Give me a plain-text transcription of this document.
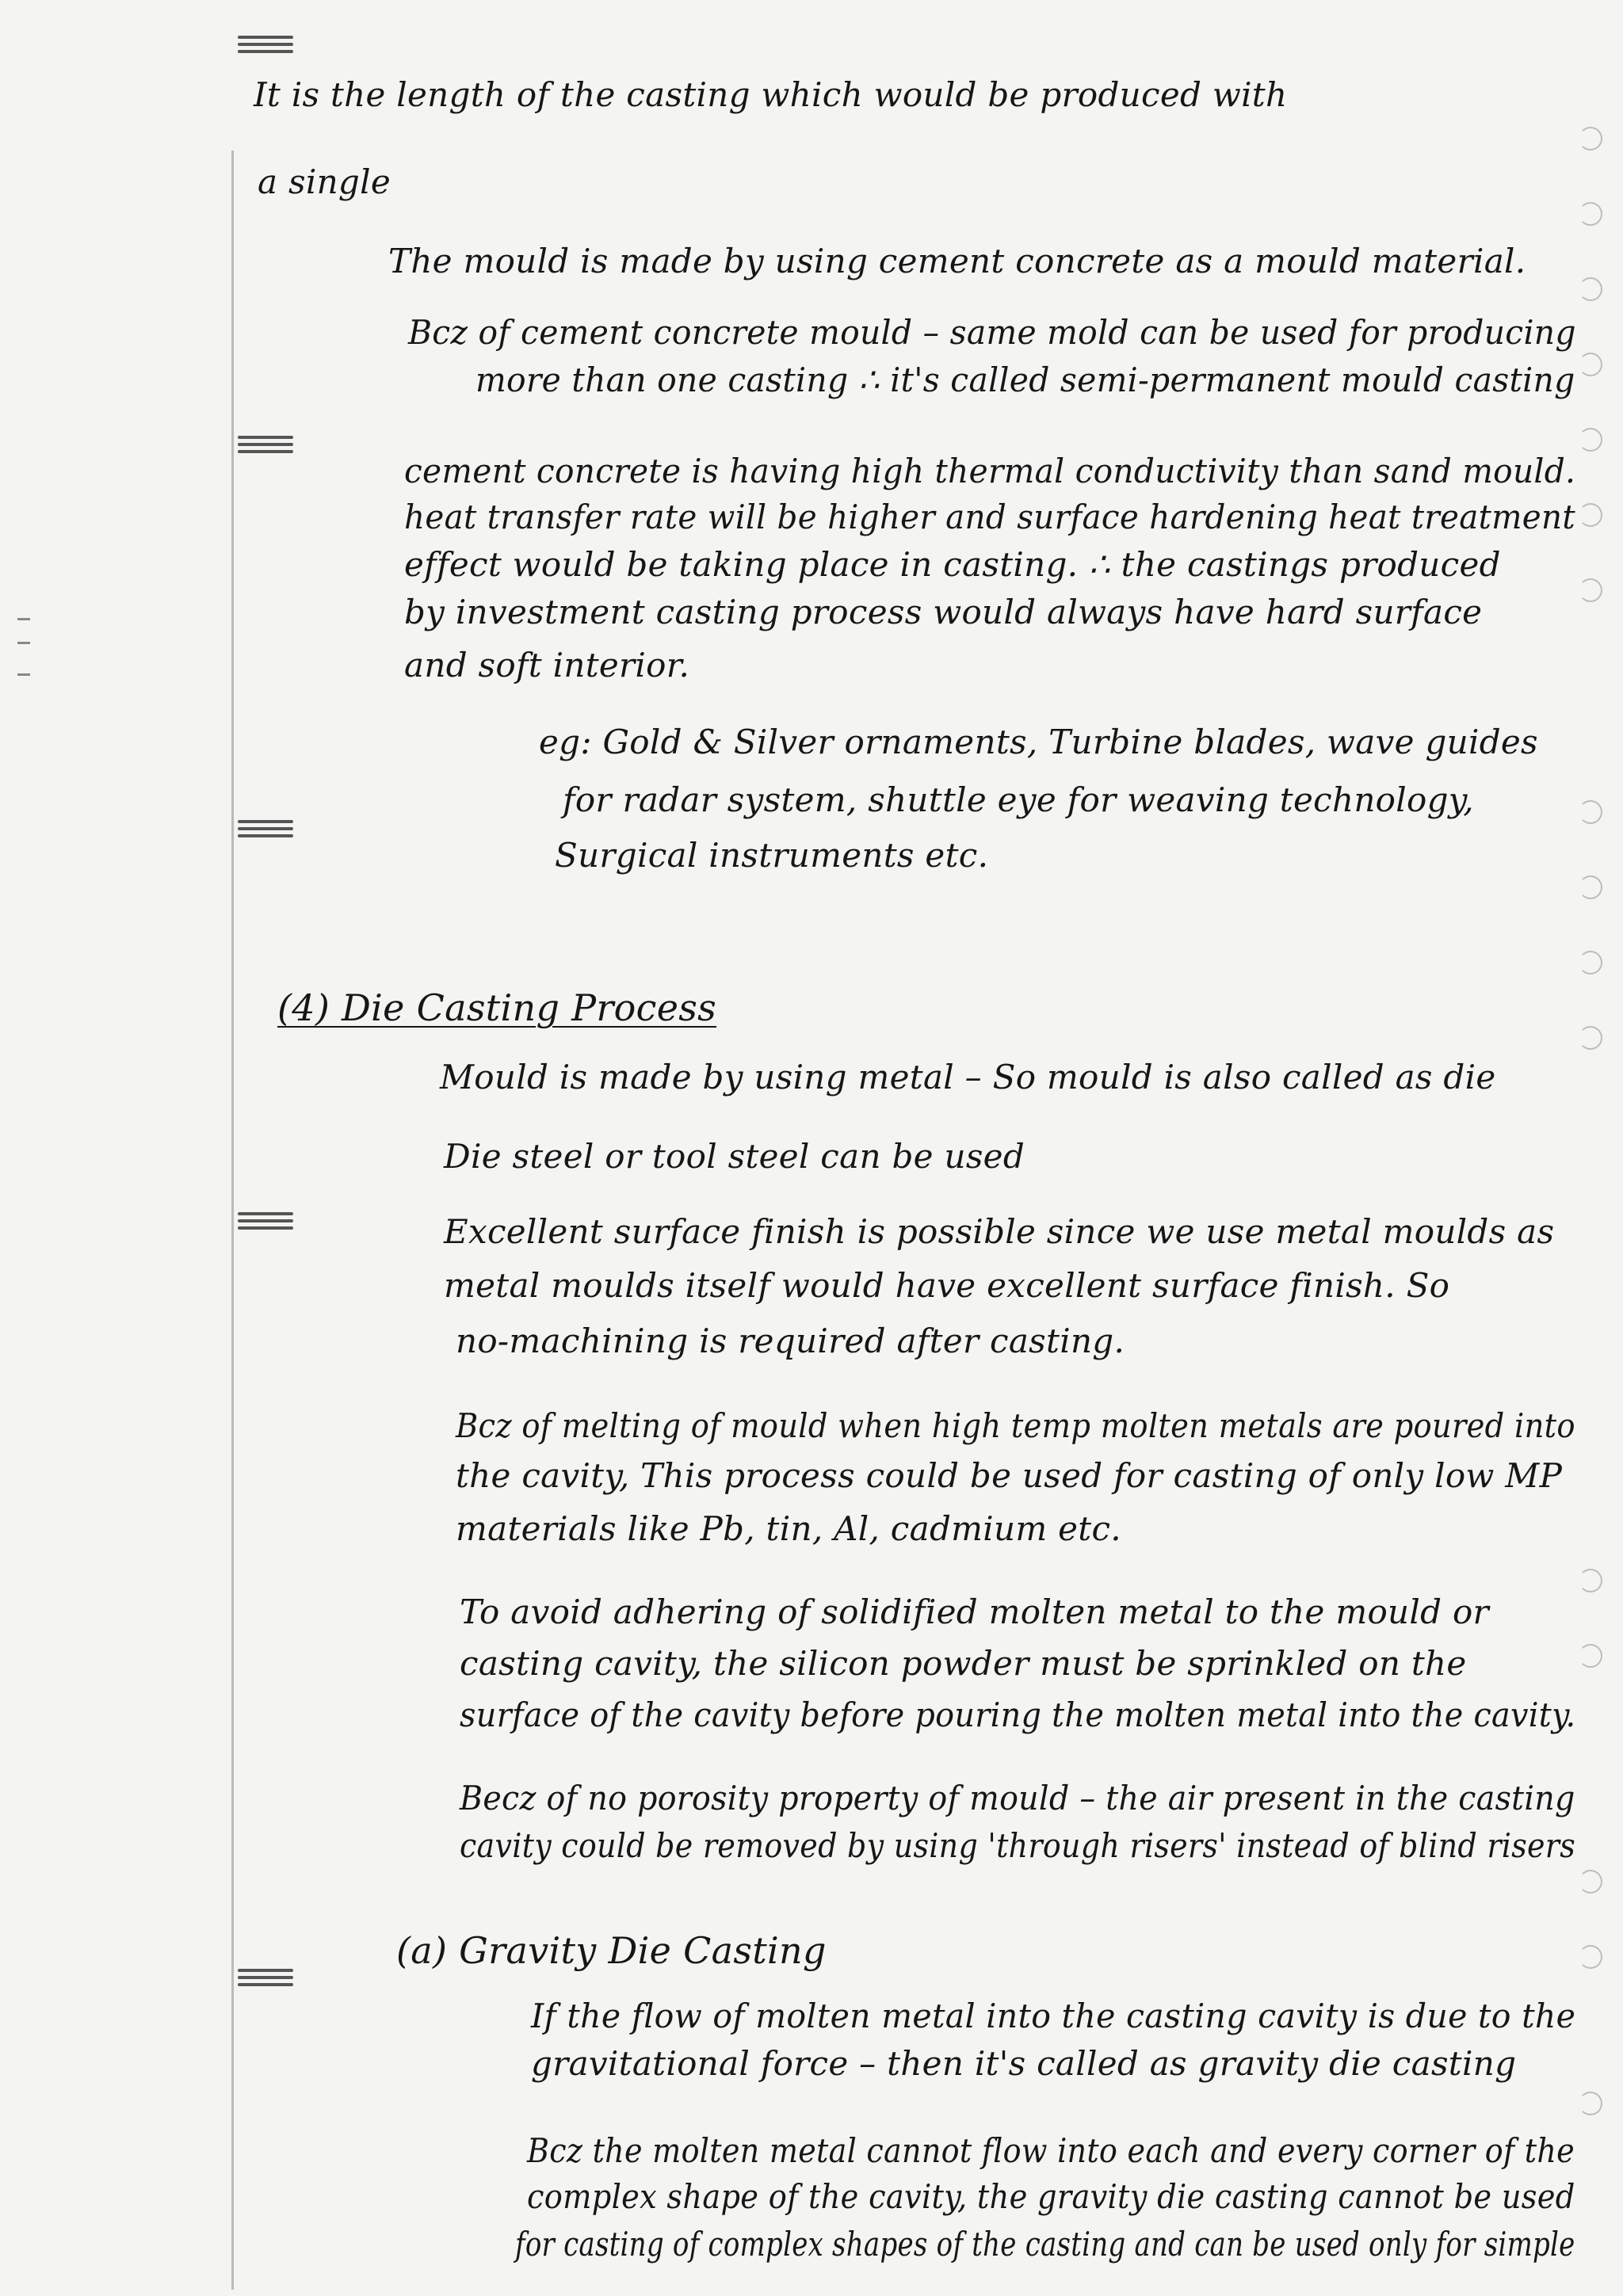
It is the length of the casting which would be produced with
a single
The mould is made by using cement concrete as a mould material.
Bcz of cement concrete mould – same mold can be used for producing
more than one casting ∴ it's called semi-permanent mould casting
cement concrete is having high thermal conductivity than sand mould.
heat transfer rate will be higher and surface hardening heat treatment
effect would be taking place in casting. ∴ the castings produced
by investment casting process would always have hard surface
and soft interior.
eg: Gold & Silver ornaments, Turbine blades, wave guides
for radar system, shuttle eye for weaving technology,
Surgical instruments etc.
(4) Die Casting Process
Mould is made by using metal – So mould is also called as die
Die steel or tool steel can be used
Excellent surface finish is possible since we use metal moulds as
metal moulds itself would have excellent surface finish. So
no-machining is required after casting.
Bcz of melting of mould when high temp molten metals are poured into
the cavity, This process could be used for casting of only low MP
materials like Pb, tin, Al, cadmium etc.
To avoid adhering of solidified molten metal to the mould or
casting cavity, the silicon powder must be sprinkled on the
surface of the cavity before pouring the molten metal into the cavity.
Becz of no porosity property of mould – the air present in the casting
cavity could be removed by using 'through risers' instead of blind risers
(a) Gravity Die Casting
If the flow of molten metal into the casting cavity is due to the
gravitational force – then it's called as gravity die casting
Bcz the molten metal cannot flow into each and every corner of the
complex shape of the cavity, the gravity die casting cannot be used
for casting of complex shapes of the casting and can be used only for simple
